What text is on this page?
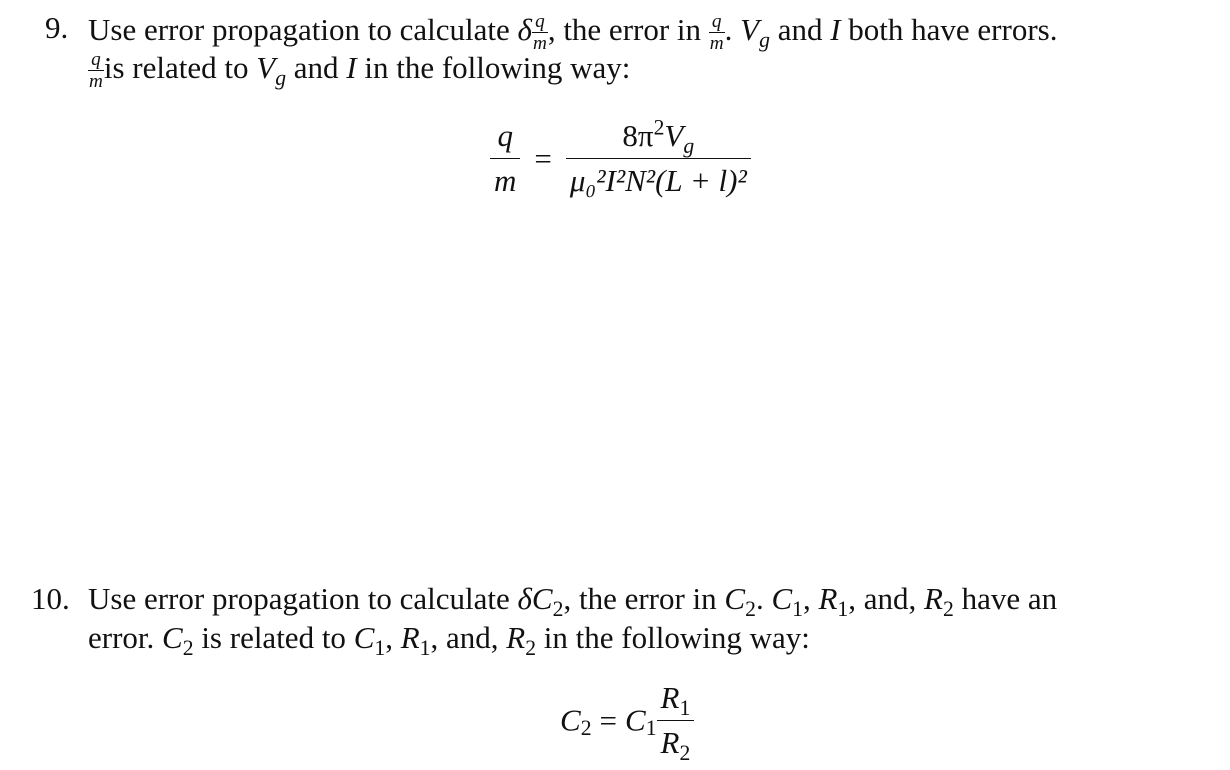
9. Use error propagation to calculate δ $\frac{q}{m}$ , the error in $\frac{q}{m}$ . $V_g$ and I both have errors.
$\frac{q}{m}$ is related to $V_g$ and I in the following way:
$\frac{q}{m} = \frac{8\pi^2V_g}{\text{μ₀²I²N²(L + l)²}}$
10. Use error propagation to calculate $\delta C_2$, the error in $C_2$. $C_1$, $R_1$, and, $R_2$ have an
error. $C_2$ is related to $C_1$, $R_1$, and, $R_2$ in the following way:
$C_2 = C_1 \frac{R_1}{R_2}$
